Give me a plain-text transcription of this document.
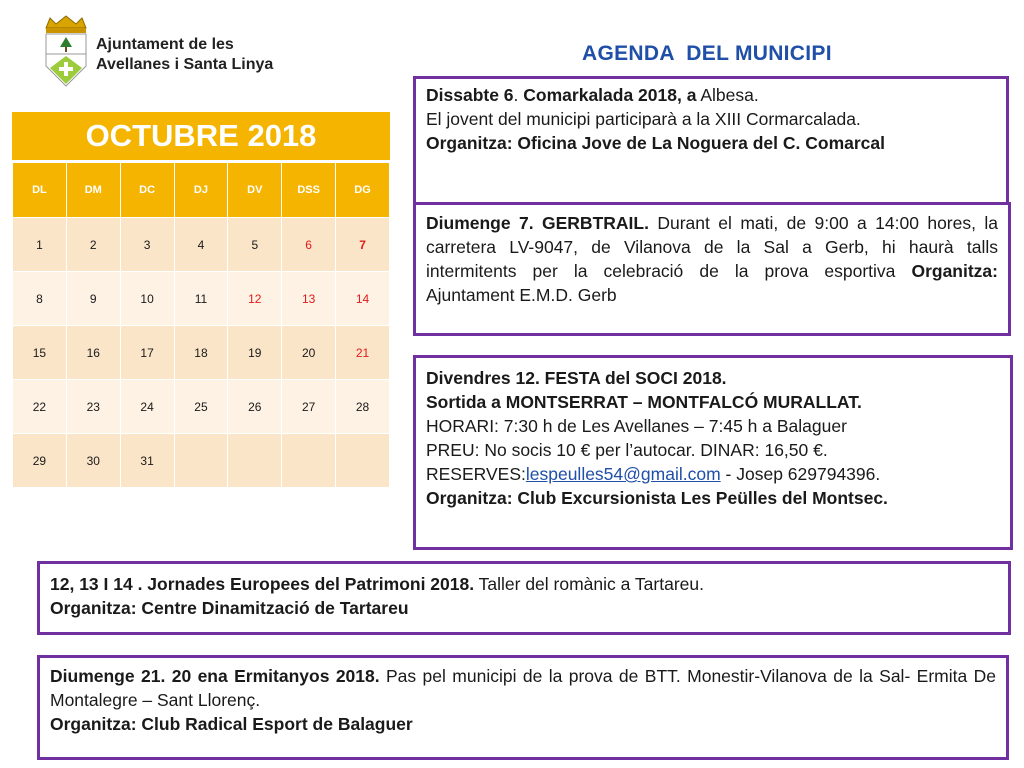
Ajuntament de les
Avellanes i Santa Linya	AGENDA  DEL MUNICIPI
OCTUBRE 2018
DL	DM	DC	DJ	DV	DSS	DG
1	2	3	4	5	6	7
8	9	10	11	12	13	14
15	16	17	18	19	20	21
22	23	24	25	26	27	28
29	30	31				

Dissabte 6. Comarkalada 2018, a Albesa.

El jovent del municipi participarà a la XIII Cormarcalada.

Organitza: Oficina Jove de La Noguera del C. Comarcal

Diumenge 7. GERBTRAIL. Durant el mati, de 9:00 a 14:00 hores, la carretera LV-9047, de Vilanova de la Sal a Gerb, hi haurà talls intermitents per la celebració de la prova esportiva Organitza: Ajuntament E.M.D. Gerb

Divendres 12. FESTA del SOCI 2018.

Sortida a MONTSERRAT – MONTFALCÓ MURALLAT.

HORARI: 7:30 h de Les Avellanes – 7:45 h a Balaguer

PREU: No socis 10 € per l’autocar. DINAR: 16,50 €.

RESERVES:lespeulles54@gmail.com - Josep 629794396.

Organitza: Club Excursionista Les Peülles del Montsec.

12, 13 I 14 . Jornades Europees del Patrimoni 2018. Taller del romànic a Tartareu.

Organitza: Centre Dinamització de Tartareu

Diumenge 21. 20 ena Ermitanyos 2018. Pas pel municipi de la prova de BTT. Monestir-Vilanova de la Sal- Ermita De Montalegre – Sant Llorenç.

Organitza: Club Radical Esport de Balaguer
